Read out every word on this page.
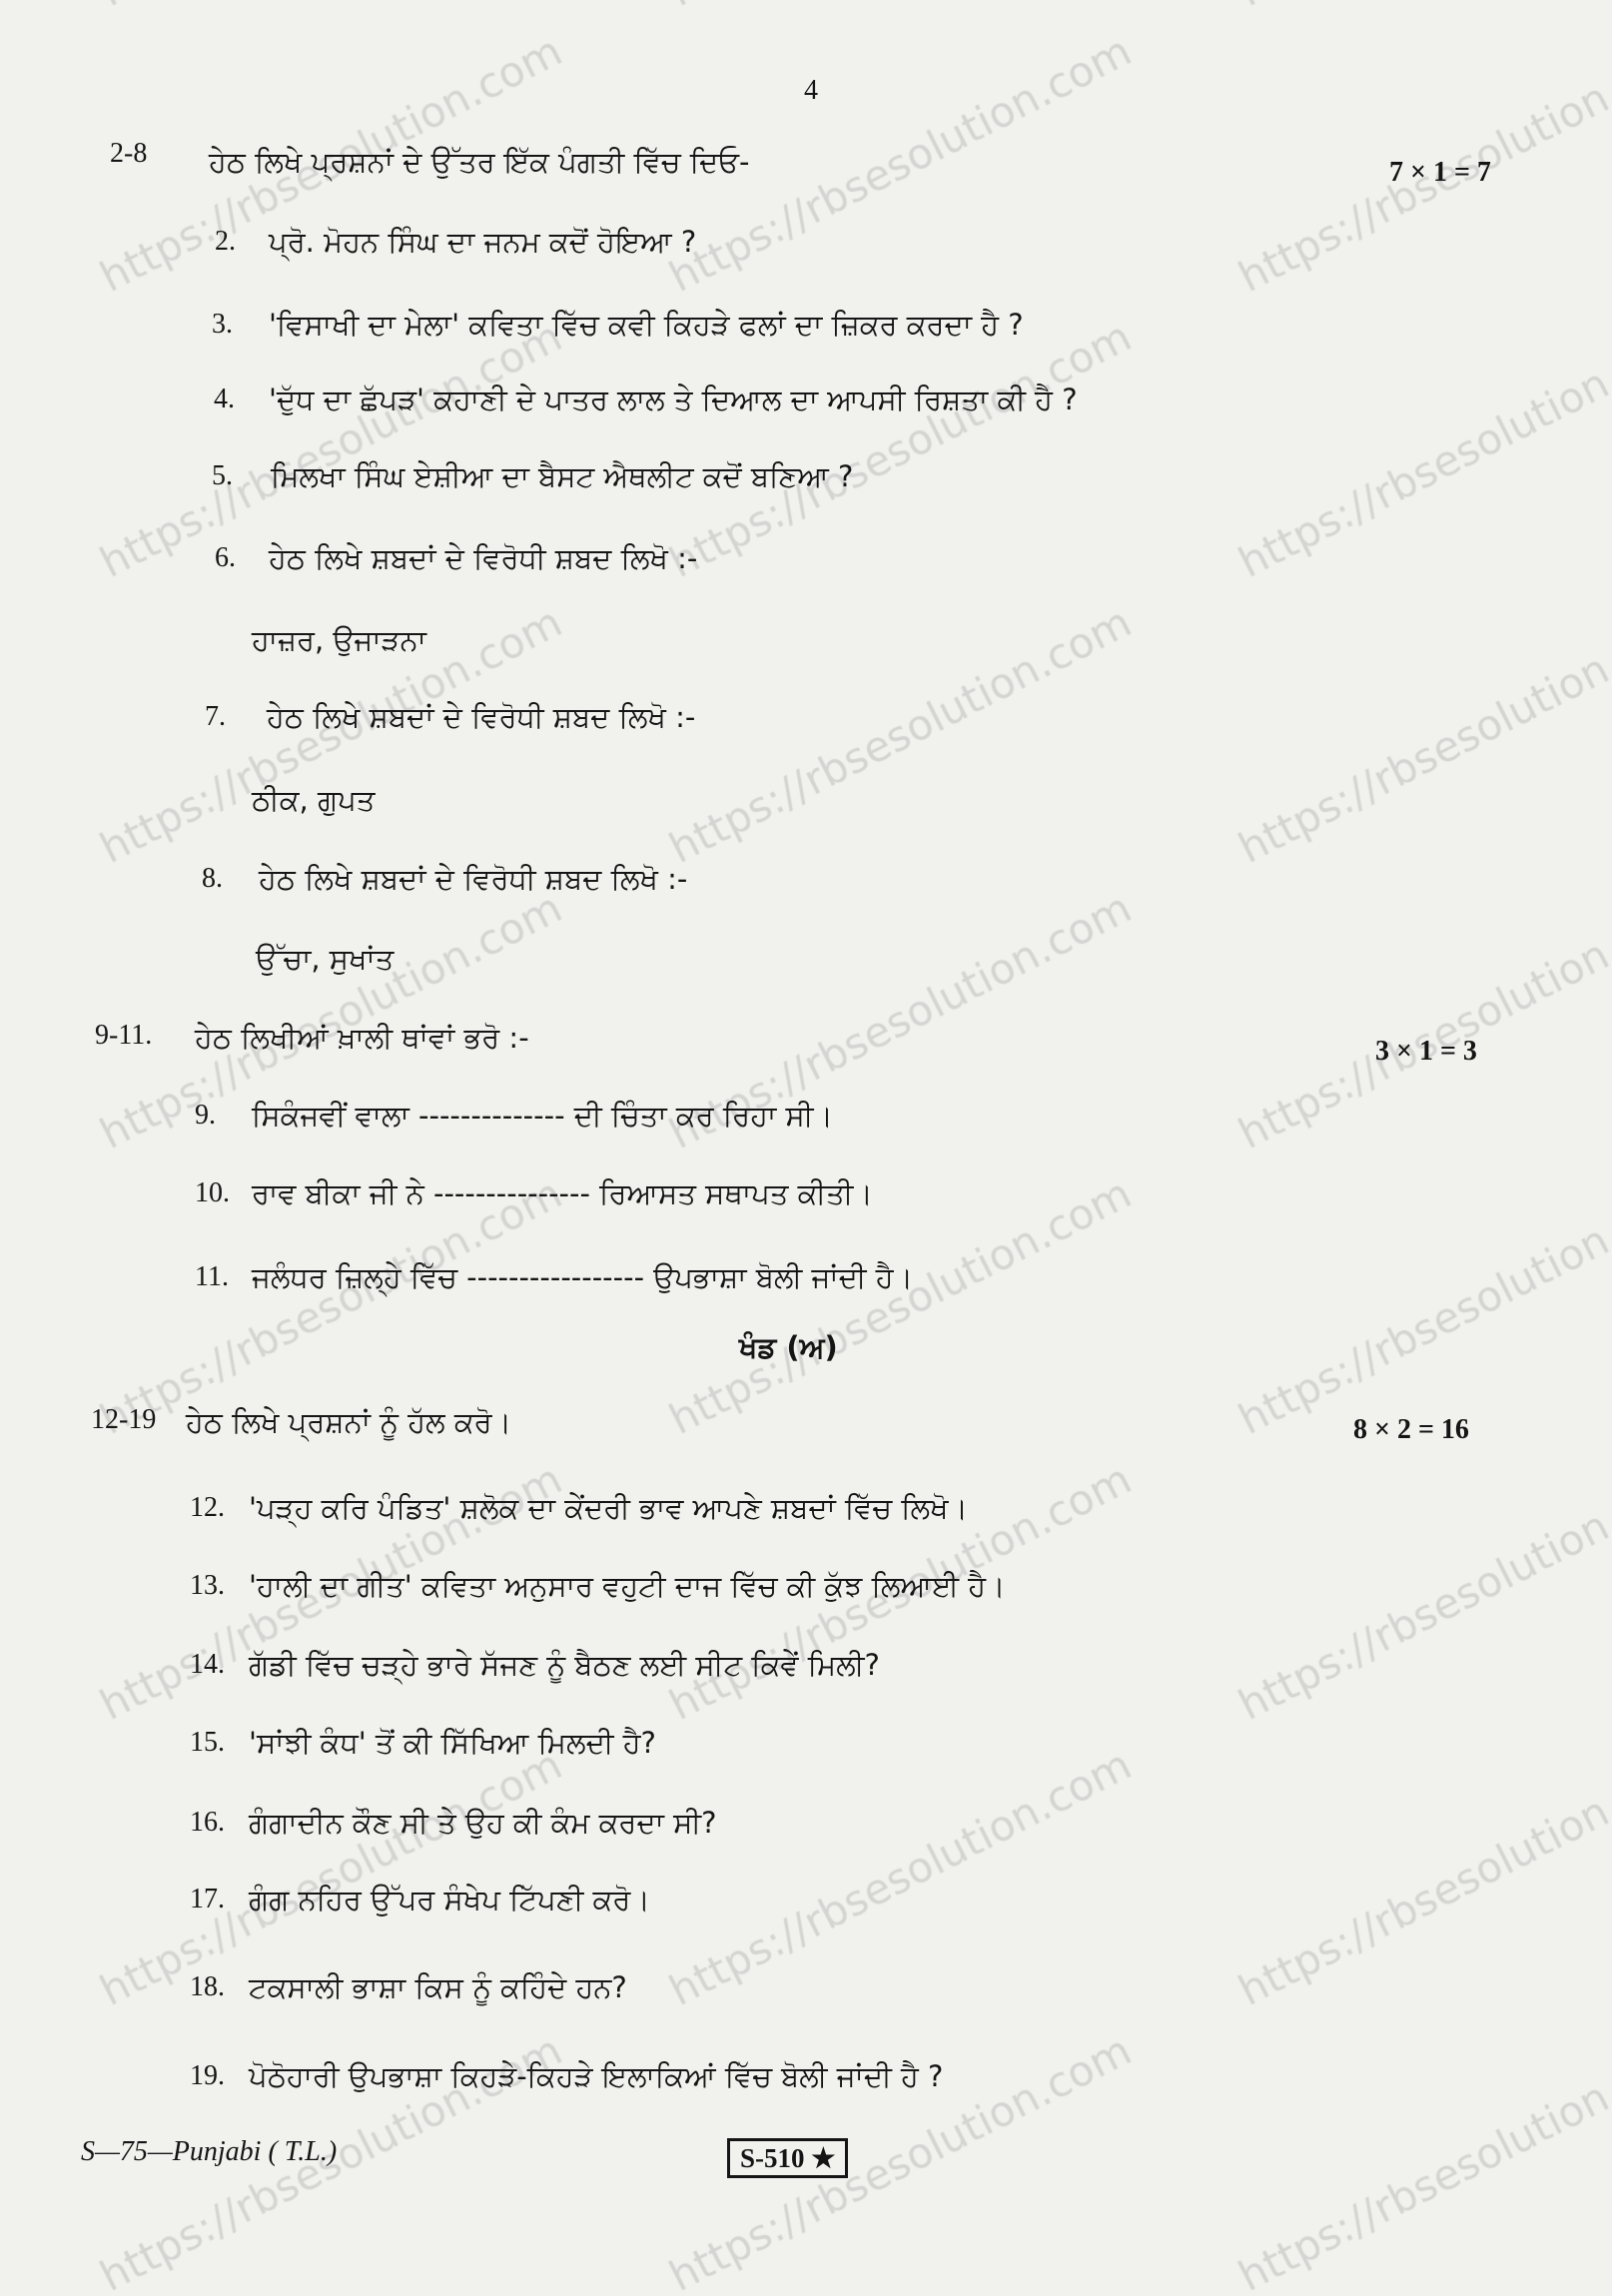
4
2-8 ਹੇਠ ਲਿਖੇ ਪ੍ਰਸ਼ਨਾਂ ਦੇ ਉੱਤਰ ਇੱਕ ਪੰਗਤੀ ਵਿੱਚ ਦਿਓ-	7 × 1 = 7
2. ਪ੍ਰੋ. ਮੋਹਨ ਸਿੰਘ ਦਾ ਜਨਮ ਕਦੋਂ ਹੋਇਆ ?
3. 'ਵਿਸਾਖੀ ਦਾ ਮੇਲਾ' ਕਵਿਤਾ ਵਿੱਚ ਕਵੀ ਕਿਹੜੇ ਫਲਾਂ ਦਾ ਜ਼ਿਕਰ ਕਰਦਾ ਹੈ ?
4. 'ਦੁੱਧ ਦਾ ਛੱਪੜ' ਕਹਾਣੀ ਦੇ ਪਾਤਰ ਲਾਲ ਤੇ ਦਿਆਲ ਦਾ ਆਪਸੀ ਰਿਸ਼ਤਾ ਕੀ ਹੈ ?
5. ਮਿਲਖਾ ਸਿੰਘ ਏਸ਼ੀਆ ਦਾ ਬੈਸਟ ਐਥਲੀਟ ਕਦੋਂ ਬਣਿਆ ?
6. ਹੇਠ ਲਿਖੇ ਸ਼ਬਦਾਂ ਦੇ ਵਿਰੋਧੀ ਸ਼ਬਦ ਲਿਖੋ :-
ਹਾਜ਼ਰ, ਉਜਾੜਨਾ
7. ਹੇਠ ਲਿਖੇ ਸ਼ਬਦਾਂ ਦੇ ਵਿਰੋਧੀ ਸ਼ਬਦ ਲਿਖੋ :-
ਠੀਕ, ਗੁਪਤ
8. ਹੇਠ ਲਿਖੇ ਸ਼ਬਦਾਂ ਦੇ ਵਿਰੋਧੀ ਸ਼ਬਦ ਲਿਖੋ :-
ਉੱਚਾ, ਸੁਖਾਂਤ
9-11. ਹੇਠ ਲਿਖੀਆਂ ਖ਼ਾਲੀ ਥਾਂਵਾਂ ਭਰੋ :-	3 × 1 = 3
9. ਸਿਕੰਜਵੀਂ ਵਾਲਾ -------------- ਦੀ ਚਿੰਤਾ ਕਰ ਰਿਹਾ ਸੀ।
10. ਰਾਵ ਬੀਕਾ ਜੀ ਨੇ --------------- ਰਿਆਸਤ ਸਥਾਪਤ ਕੀਤੀ।
11. ਜਲੰਧਰ ਜ਼ਿਲ੍ਹੇ ਵਿੱਚ ----------------- ਉਪਭਾਸ਼ਾ ਬੋਲੀ ਜਾਂਦੀ ਹੈ।
ਖੰਡ (ਅ)
12-19 ਹੇਠ ਲਿਖੇ ਪ੍ਰਸ਼ਨਾਂ ਨੂੰ ਹੱਲ ਕਰੋ।	8 × 2 = 16
12. 'ਪੜ੍ਹ ਕਰਿ ਪੰਡਿਤ' ਸ਼ਲੋਕ ਦਾ ਕੇਂਦਰੀ ਭਾਵ ਆਪਣੇ ਸ਼ਬਦਾਂ ਵਿੱਚ ਲਿਖੋ।
13. 'ਹਾਲੀ ਦਾ ਗੀਤ' ਕਵਿਤਾ ਅਨੁਸਾਰ ਵਹੁਟੀ ਦਾਜ ਵਿੱਚ ਕੀ ਕੁੱਝ ਲਿਆਈ ਹੈ।
14. ਗੱਡੀ ਵਿੱਚ ਚੜ੍ਹੇ ਭਾਰੇ ਸੱਜਣ ਨੂੰ ਬੈਠਣ ਲਈ ਸੀਟ ਕਿਵੇਂ ਮਿਲੀ?
15. 'ਸਾਂਝੀ ਕੰਧ' ਤੋਂ ਕੀ ਸਿੱਖਿਆ ਮਿਲਦੀ ਹੈ?
16. ਗੰਗਾਦੀਨ ਕੌਣ ਸੀ ਤੇ ਉਹ ਕੀ ਕੰਮ ਕਰਦਾ ਸੀ?
17. ਗੰਗ ਨਹਿਰ ਉੱਪਰ ਸੰਖੇਪ ਟਿੱਪਣੀ ਕਰੋ।
18. ਟਕਸਾਲੀ ਭਾਸ਼ਾ ਕਿਸ ਨੂੰ ਕਹਿੰਦੇ ਹਨ?
19. ਪੋਠੋਹਾਰੀ ਉਪਭਾਸ਼ਾ ਕਿਹੜੇ-ਕਿਹੜੇ ਇਲਾਕਿਆਂ ਵਿੱਚ ਬੋਲੀ ਜਾਂਦੀ ਹੈ ?
S—75—Punjabi ( T.L.)	S-510 ★
